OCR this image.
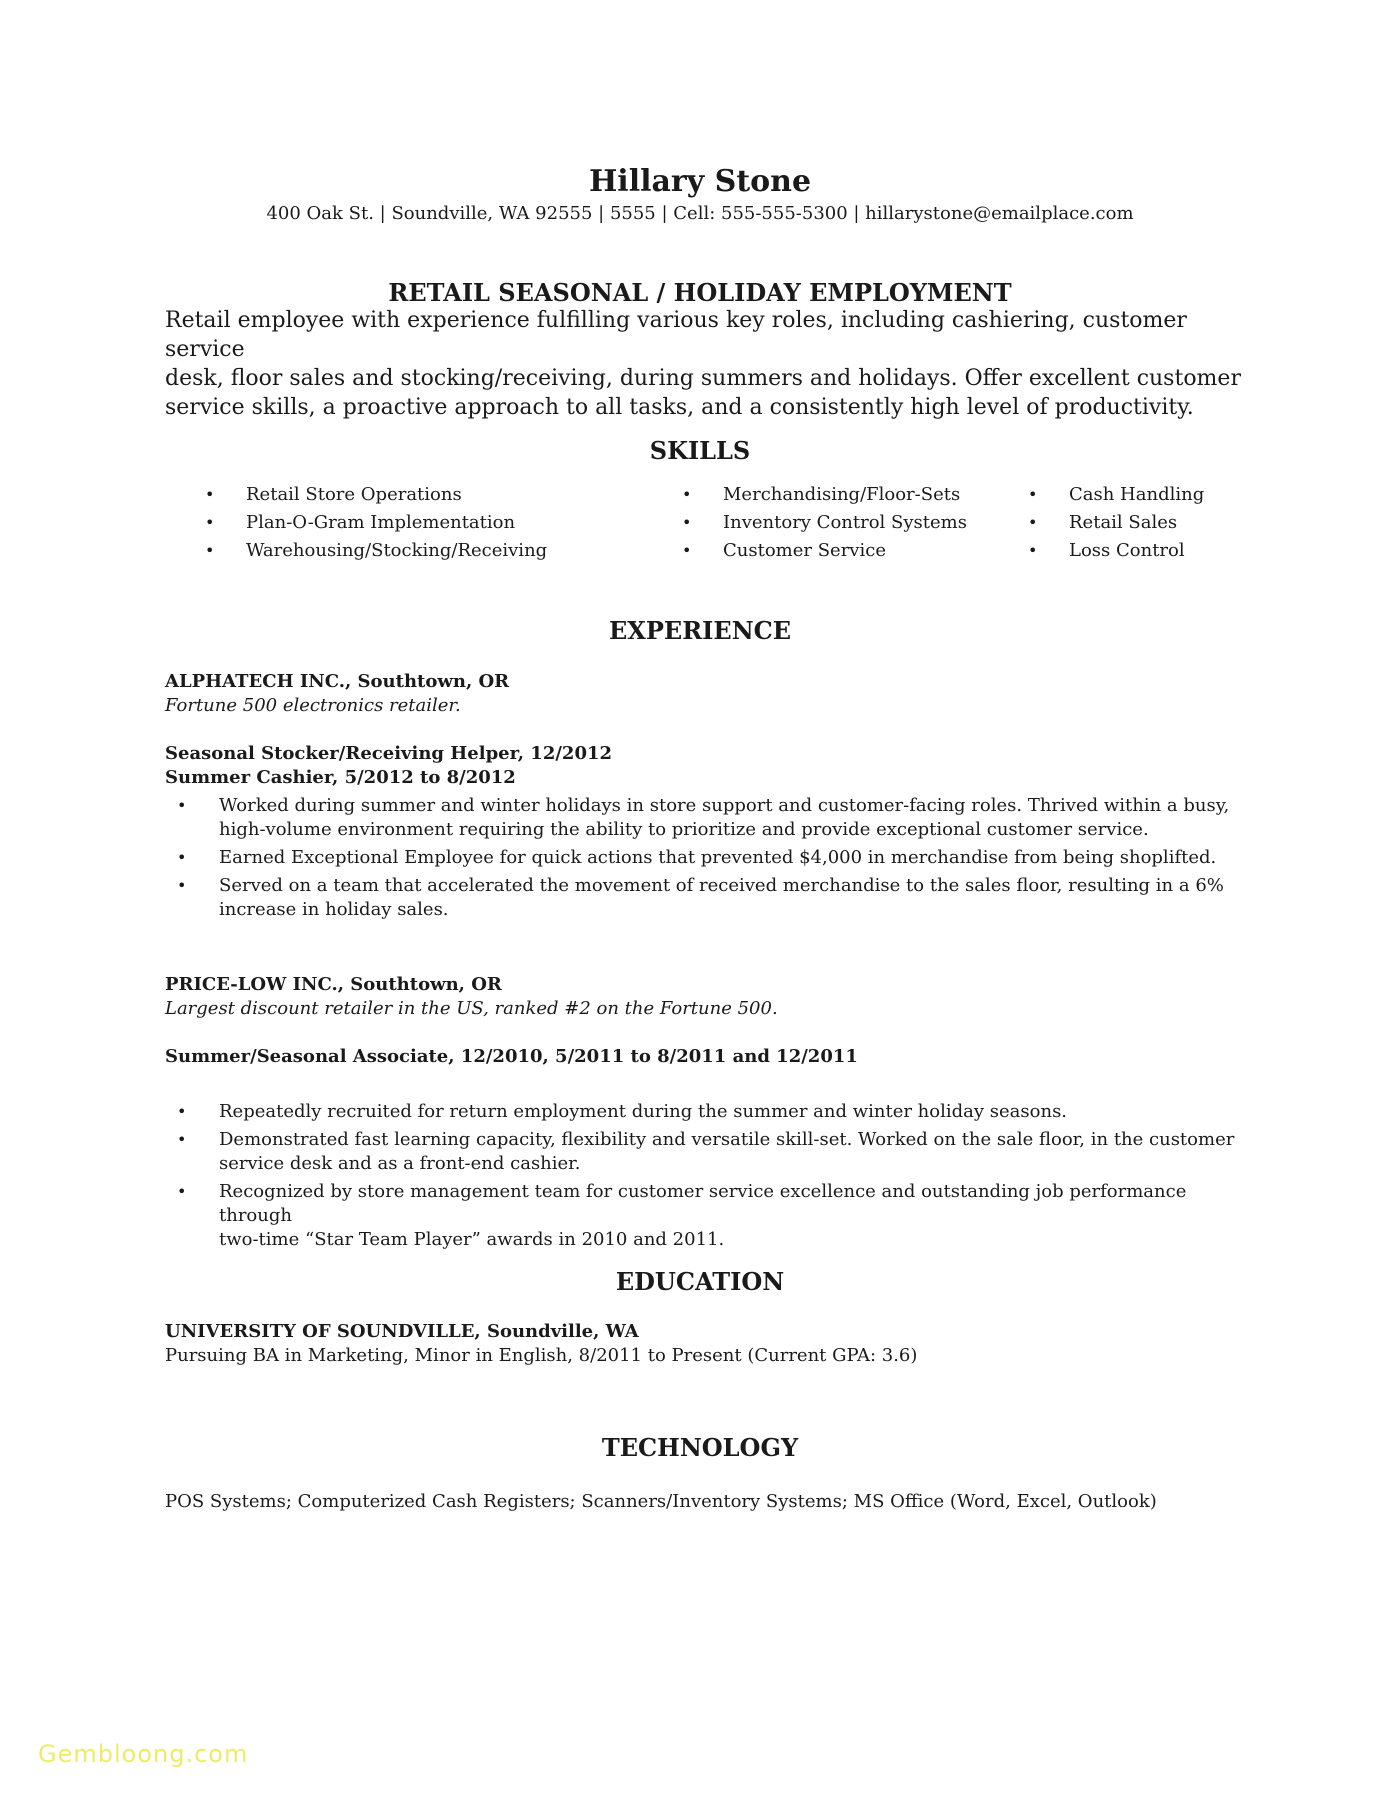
Hillary Stone
400 Oak St. | Soundville, WA 92555 | 5555 | Cell: 555-555-5300 | hillarystone@emailplace.com
RETAIL SEASONAL / HOLIDAY EMPLOYMENT
Retail employee with experience fulfilling various key roles, including cashiering, customer service
desk, floor sales and stocking/receiving, during summers and holidays. Offer excellent customer
service skills, a proactive approach to all tasks, and a consistently high level of productivity.
SKILLS
• Retail Store Operations
• Plan-O-Gram Implementation
• Warehousing/Stocking/Receiving
• Merchandising/Floor-Sets
• Inventory Control Systems
• Customer Service
• Cash Handling
• Retail Sales
• Loss Control
EXPERIENCE
ALPHATECH INC., Southtown, OR
Fortune 500 electronics retailer.
Seasonal Stocker/Receiving Helper, 12/2012
Summer Cashier, 5/2012 to 8/2012
• Worked during summer and winter holidays in store support and customer-facing roles. Thrived within a busy,
high-volume environment requiring the ability to prioritize and provide exceptional customer service.
• Earned Exceptional Employee for quick actions that prevented $4,000 in merchandise from being shoplifted.
• Served on a team that accelerated the movement of received merchandise to the sales floor, resulting in a 6%
increase in holiday sales.
PRICE-LOW INC., Southtown, OR
Largest discount retailer in the US, ranked #2 on the Fortune 500.
Summer/Seasonal Associate, 12/2010, 5/2011 to 8/2011 and 12/2011
• Repeatedly recruited for return employment during the summer and winter holiday seasons.
• Demonstrated fast learning capacity, flexibility and versatile skill-set. Worked on the sale floor, in the customer
service desk and as a front-end cashier.
• Recognized by store management team for customer service excellence and outstanding job performance through
two-time “Star Team Player” awards in 2010 and 2011.
EDUCATION
UNIVERSITY OF SOUNDVILLE, Soundville, WA
Pursuing BA in Marketing, Minor in English, 8/2011 to Present (Current GPA: 3.6)
TECHNOLOGY
POS Systems; Computerized Cash Registers; Scanners/Inventory Systems; MS Office (Word, Excel, Outlook)
Gembloong.com
